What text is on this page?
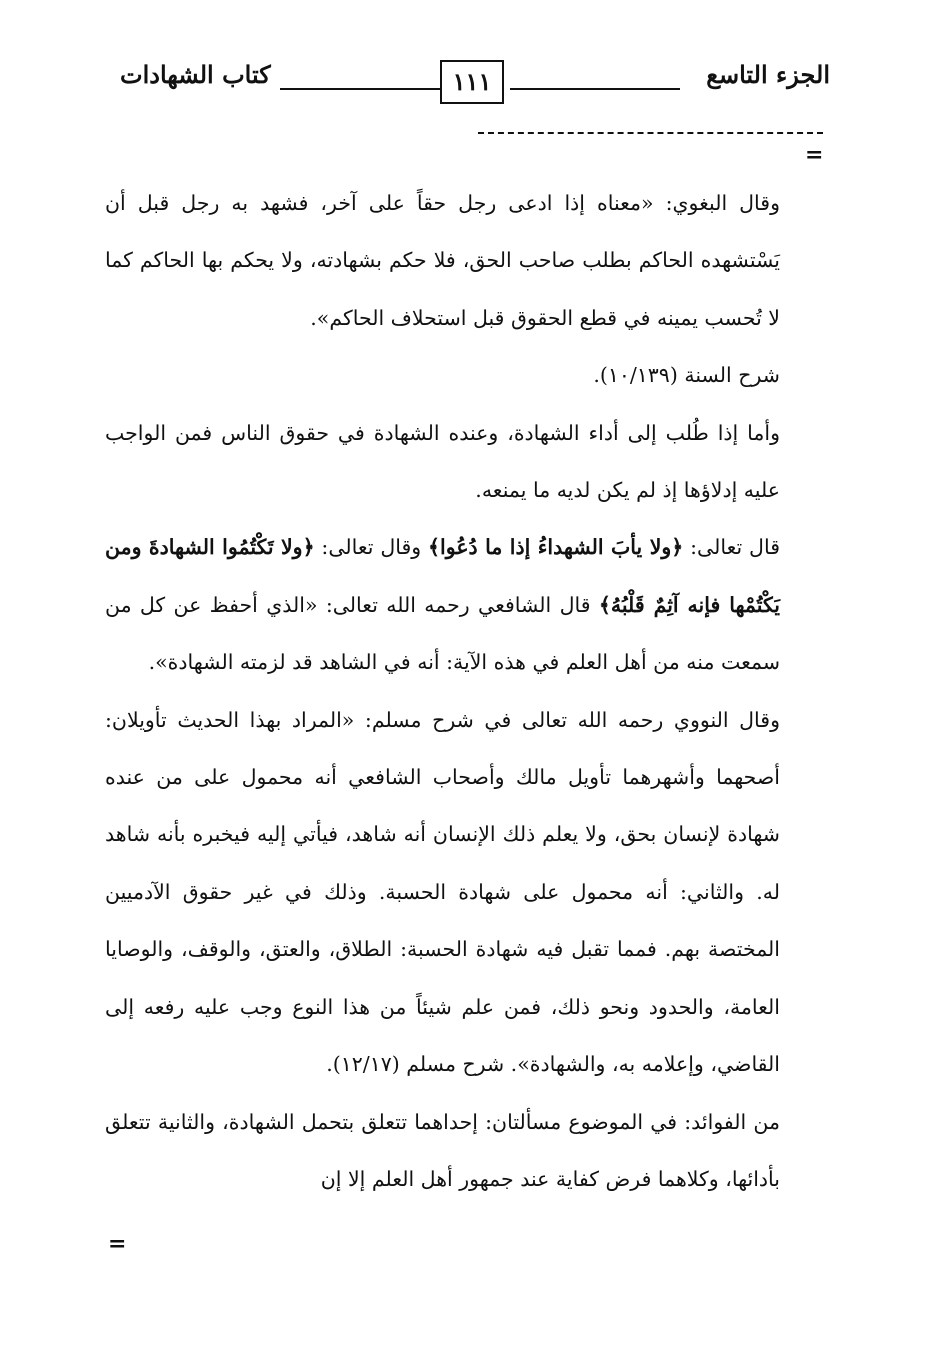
الجزء التاسع
١١١
كتاب الشهادات
=

وقال البغوي: «معناه إذا ادعى رجل حقاً على آخر، فشهد به رجل قبل أن يَسْتشهده الحاكم بطلب صاحب الحق، فلا حكم بشهادته، ولا يحكم بها الحاكم كما لا تُحسب يمينه في قطع الحقوق قبل استحلاف الحاكم».

شرح السنة (١٠/١٣٩).

وأما إذا طُلب إلى أداء الشهادة، وعنده الشهادة في حقوق الناس فمن الواجب عليه إدلاؤها إذ لم يكن لديه ما يمنعه.

قال تعالى: ﴿ولا يأبَ الشهداءُ إذا ما دُعُوا﴾ وقال تعالى: ﴿ولا تَكْتُمُوا الشهادةَ ومن يَكْتُمْها فإنه آثِمٌ قَلْبُهُ﴾ قال الشافعي رحمه الله تعالى: «الذي أحفظ عن كل من سمعت منه من أهل العلم في هذه الآية: أنه في الشاهد قد لزمته الشهادة».

وقال النووي رحمه الله تعالى في شرح مسلم: «المراد بهذا الحديث تأويلان: أصحهما وأشهرهما تأويل مالك وأصحاب الشافعي أنه محمول على من عنده شهادة لإنسان بحق، ولا يعلم ذلك الإنسان أنه شاهد، فيأتي إليه فيخبره بأنه شاهد له. والثاني: أنه محمول على شهادة الحسبة. وذلك في غير حقوق الآدميين المختصة بهم. فمما تقبل فيه شهادة الحسبة: الطلاق، والعتق، والوقف، والوصايا العامة، والحدود ونحو ذلك، فمن علم شيئاً من هذا النوع وجب عليه رفعه إلى القاضي، وإعلامه به، والشهادة». شرح مسلم (١٢/١٧).

من الفوائد: في الموضوع مسألتان: إحداهما تتعلق بتحمل الشهادة، والثانية تتعلق بأدائها، وكلاهما فرض كفاية عند جمهور أهل العلم إلا إن

=
